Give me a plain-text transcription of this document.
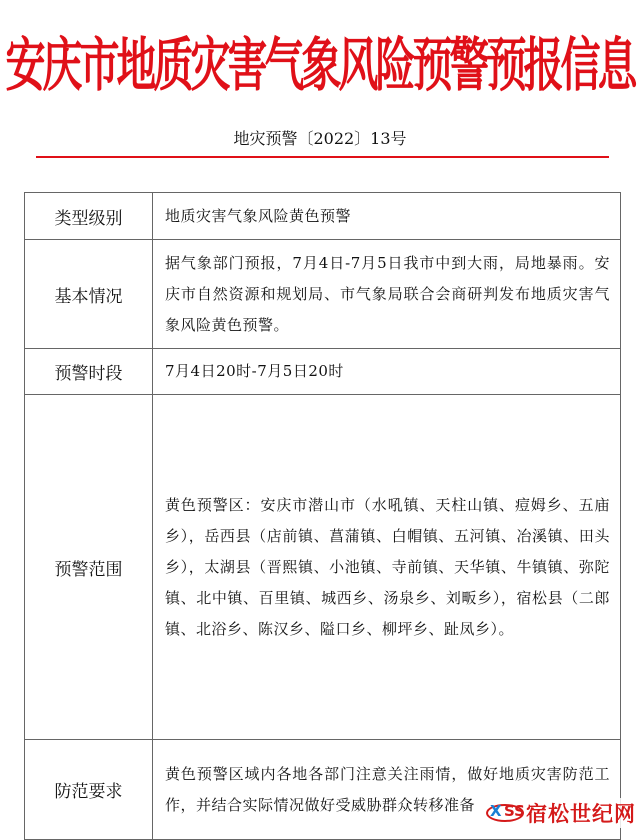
安庆市地质灾害气象风险预警预报信息
地灾预警〔2022〕13号
类型级别	地质灾害气象风险黄色预警
基本情况	据气象部门预报，7月4日-7月5日我市中到大雨，局地暴雨。安庆市自然资源和规划局、市气象局联合会商研判发布地质灾害气象风险黄色预警。
预警时段	7月4日20时-7月5日20时
预警范围	黄色预警区：安庆市潜山市（水吼镇、天柱山镇、痘姆乡、五庙乡），岳西县（店前镇、菖蒲镇、白帽镇、五河镇、冶溪镇、田头乡），太湖县（晋熙镇、小池镇、寺前镇、天华镇、牛镇镇、弥陀镇、北中镇、百里镇、城西乡、汤泉乡、刘畈乡），宿松县（二郎镇、北浴乡、陈汉乡、隘口乡、柳坪乡、趾凤乡）。
防范要求	黄色预警区域内各地各部门注意关注雨情，做好地质灾害防范工作，并结合实际情况做好受威胁群众转移准备 X SS 宿松世纪网
